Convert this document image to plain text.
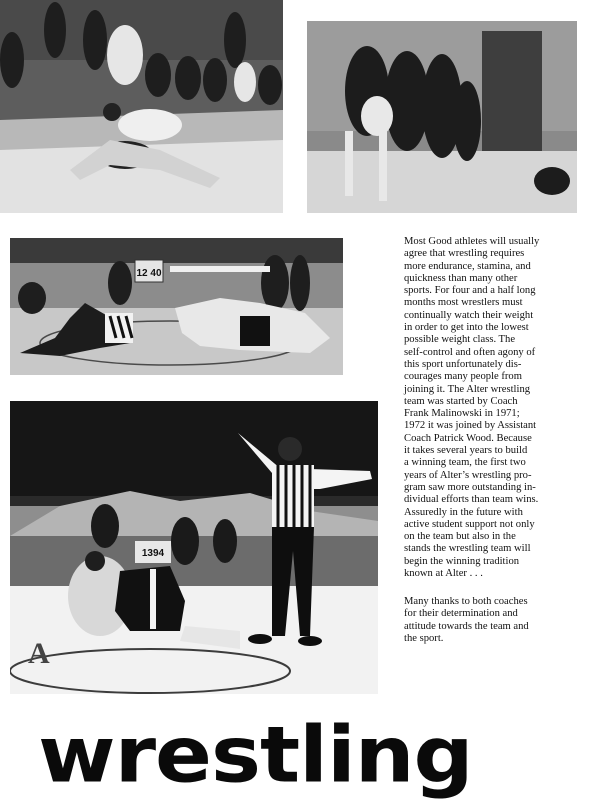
12 40
1394
A

Most Good athletes will usually
agree that wrestling requires
more endurance, stamina, and
quickness than many other
sports. For four and a half long
months most wrestlers must
continually watch their weight
in order to get into the lowest
possible weight class. The
self-control and often agony of
this sport unfortunately dis-
courages many people from
joining it. The Alter wrestling
team was started by Coach
Frank Malinowski in 1971;
1972 it was joined by Assistant
Coach Patrick Wood. Because
it takes several years to build
a winning team, the first two
years of Alter’s wrestling pro-
gram saw more outstanding in-
dividual efforts than team wins.
Assuredly in the future with
active student support not only
on the team but also in the
stands the wrestling team will
begin the winning tradition
known at Alter . . .

Many thanks to both coaches
for their determination and
attitude towards the team and
the sport.

wrestling
